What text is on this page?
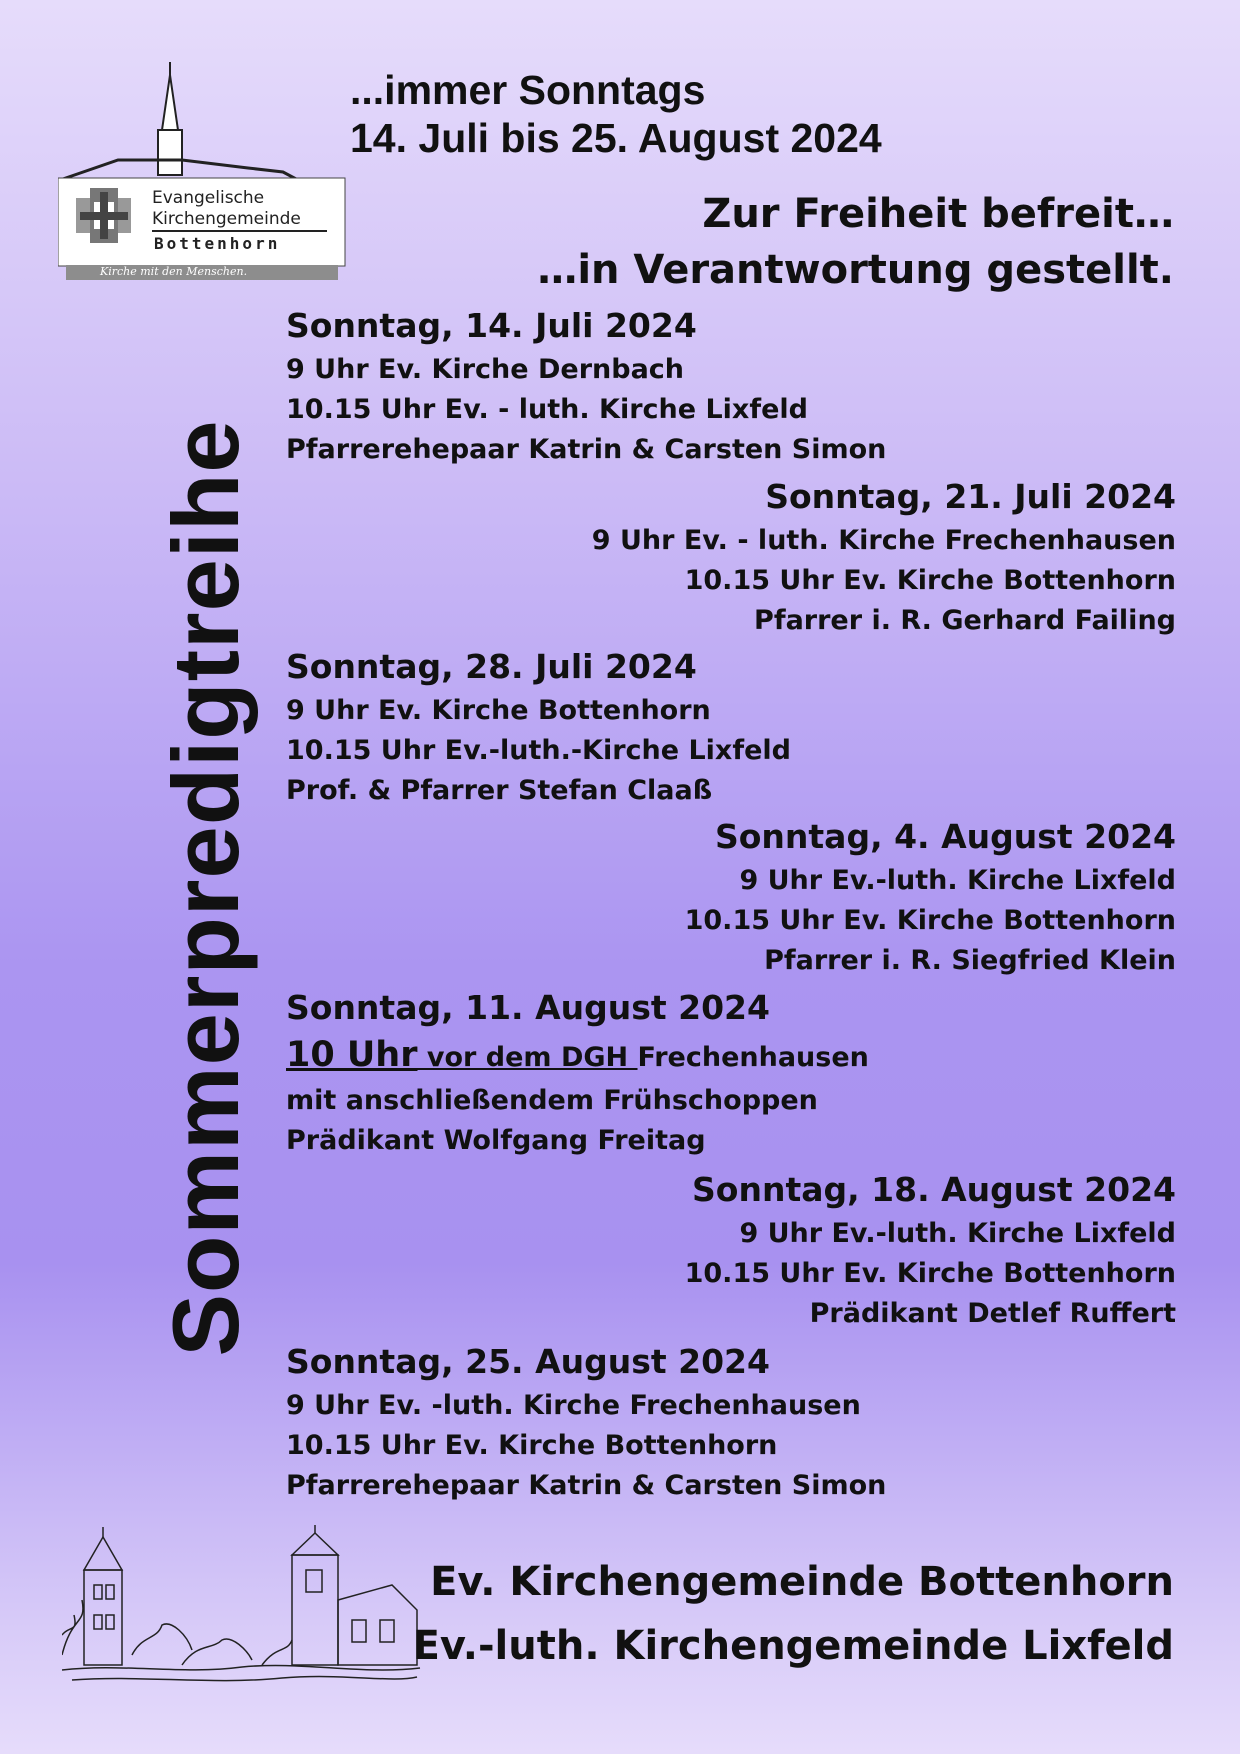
Evangelische
Kirchengemeinde
Bottenhorn
Kirche mit den Menschen.
...immer Sonntags
14. Juli bis 25. August 2024
Zur Freiheit befreit…
…in Verantwortung gestellt.
Sommerpredigtreihe
Sonntag, 14. Juli 2024
9 Uhr Ev. Kirche Dernbach
10.15 Uhr Ev. - luth. Kirche Lixfeld
Pfarrerehepaar Katrin & Carsten Simon
Sonntag, 21. Juli 2024
9 Uhr Ev. - luth. Kirche Frechenhausen
10.15 Uhr Ev. Kirche Bottenhorn
Pfarrer i. R. Gerhard Failing
Sonntag, 28. Juli 2024
9 Uhr Ev. Kirche Bottenhorn
10.15 Uhr Ev.-luth.-Kirche Lixfeld
Prof. & Pfarrer Stefan Claaß
Sonntag, 4. August 2024
9 Uhr Ev.-luth. Kirche Lixfeld
10.15 Uhr Ev. Kirche Bottenhorn
Pfarrer i. R. Siegfried Klein
Sonntag, 11. August 2024
10 Uhr vor dem DGH Frechenhausen
mit anschließendem Frühschoppen
Prädikant Wolfgang Freitag
Sonntag, 18. August 2024
9 Uhr Ev.-luth. Kirche Lixfeld
10.15 Uhr Ev. Kirche Bottenhorn
Prädikant Detlef Ruffert
Sonntag, 25. August 2024
9 Uhr Ev. -luth. Kirche Frechenhausen
10.15 Uhr Ev. Kirche Bottenhorn
Pfarrerehepaar Katrin & Carsten Simon
Ev. Kirchengemeinde Bottenhorn
Ev.-luth. Kirchengemeinde Lixfeld
